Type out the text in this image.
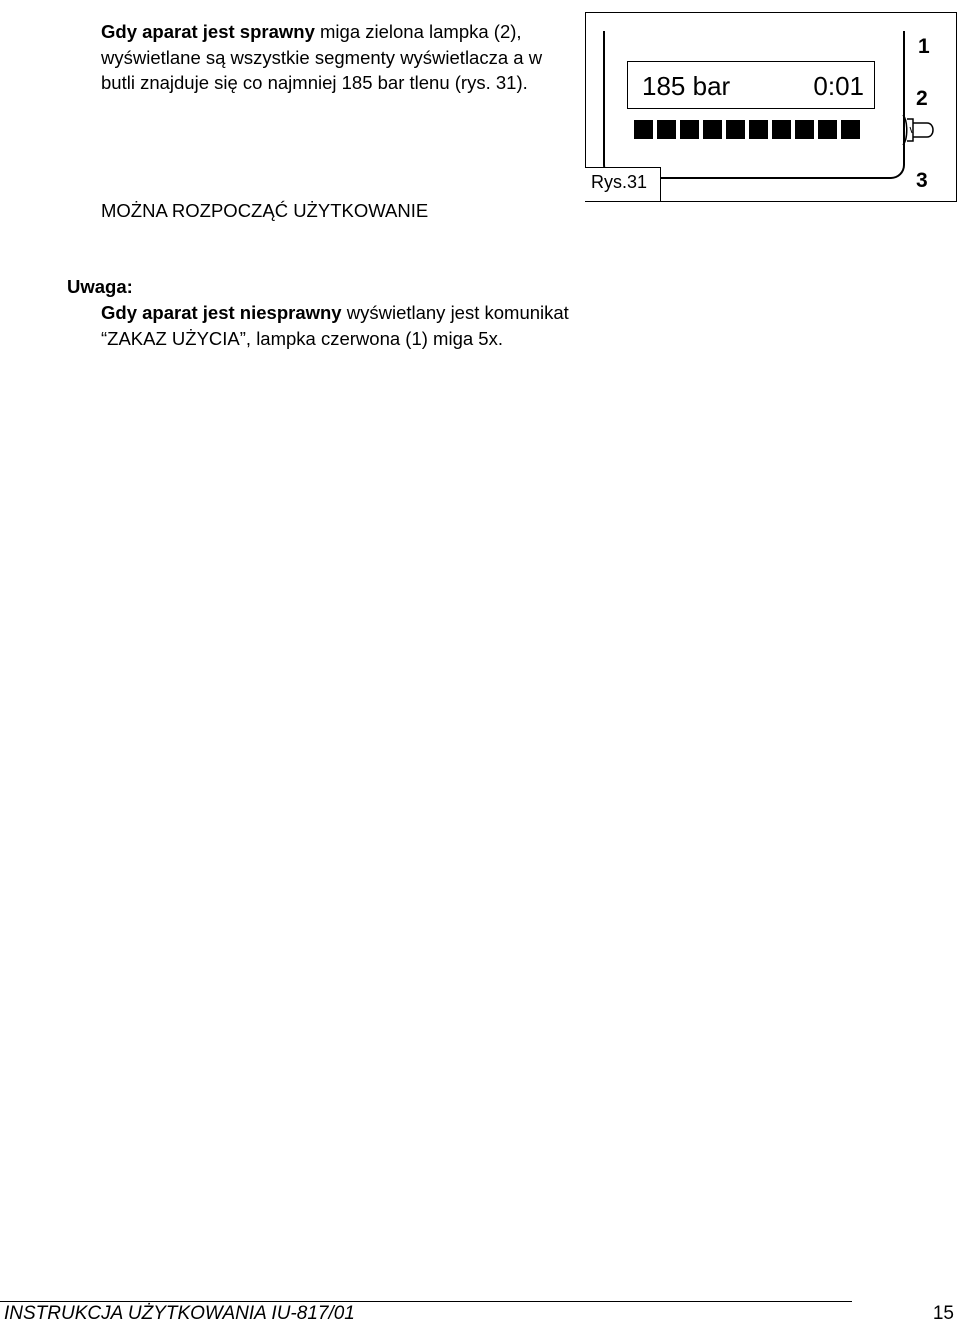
Gdy aparat jest sprawny miga zielona lampka (2), wyświetlane są wszystkie segmenty wyświetlacza a w butli znajduje się co najmniej 185 bar tlenu (rys. 31).
MOŻNA ROZPOCZĄĆ UŻYTKOWANIE
185 bar	0:01
1
2
3
Rys.31
Uwaga:
Gdy aparat jest niesprawny wyświetlany jest komunikat “ZAKAZ UŻYCIA”, lampka czerwona (1) miga 5x.
INSTRUKCJA UŻYTKOWANIA IU-817/01	15
